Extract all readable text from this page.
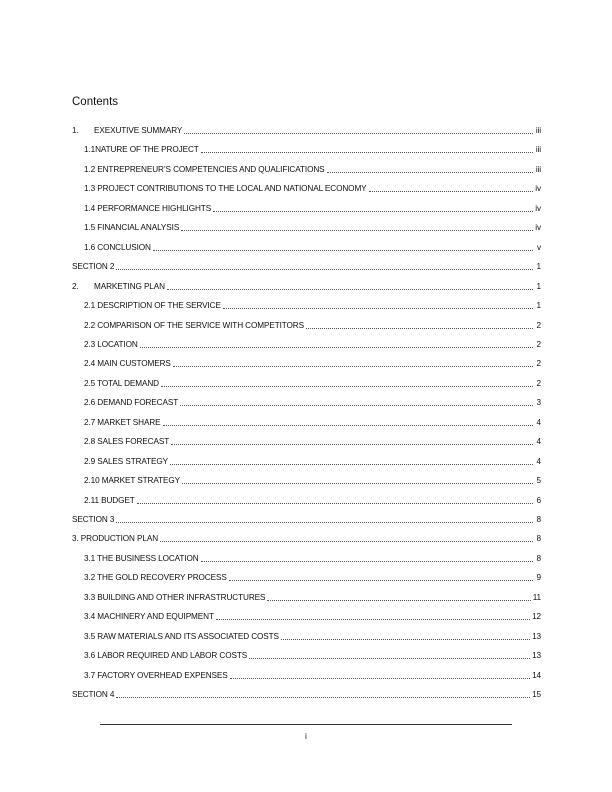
Contents
1.	EXEXUTIVE SUMMARY	iii
1.1NATURE OF THE PROJECT	iii
1.2 ENTREPRENEUR’S COMPETENCIES AND QUALIFICATIONS	iii
1.3 PROJECT CONTRIBUTIONS TO THE LOCAL AND NATIONAL ECONOMY	iv
1.4 PERFORMANCE HIGHLIGHTS	iv
1.5 FINANCIAL ANALYSIS	iv
1.6 CONCLUSION	v
SECTION 2	1
2.	MARKETING PLAN	1
2.1 DESCRIPTION OF THE SERVICE	1
2.2 COMPARISON OF THE SERVICE WITH COMPETITORS	2
2.3 LOCATION	2
2.4 MAIN CUSTOMERS	2
2.5 TOTAL DEMAND	2
2.6 DEMAND FORECAST	3
2.7 MARKET SHARE	4
2.8 SALES FORECAST	4
2.9 SALES STRATEGY	4
2.10 MARKET STRATEGY	5
2.11 BUDGET	6
SECTION 3	8
3. PRODUCTION PLAN	8
3.1 THE BUSINESS LOCATION	8
3.2 THE GOLD RECOVERY PROCESS	9
3.3 BUILDING AND OTHER INFRASTRUCTURES	11
3.4 MACHINERY AND EQUIPMENT	12
3.5 RAW MATERIALS AND ITS ASSOCIATED COSTS	13
3.6 LABOR REQUIRED AND LABOR COSTS	13
3.7 FACTORY OVERHEAD EXPENSES	14
SECTION 4	15
i
